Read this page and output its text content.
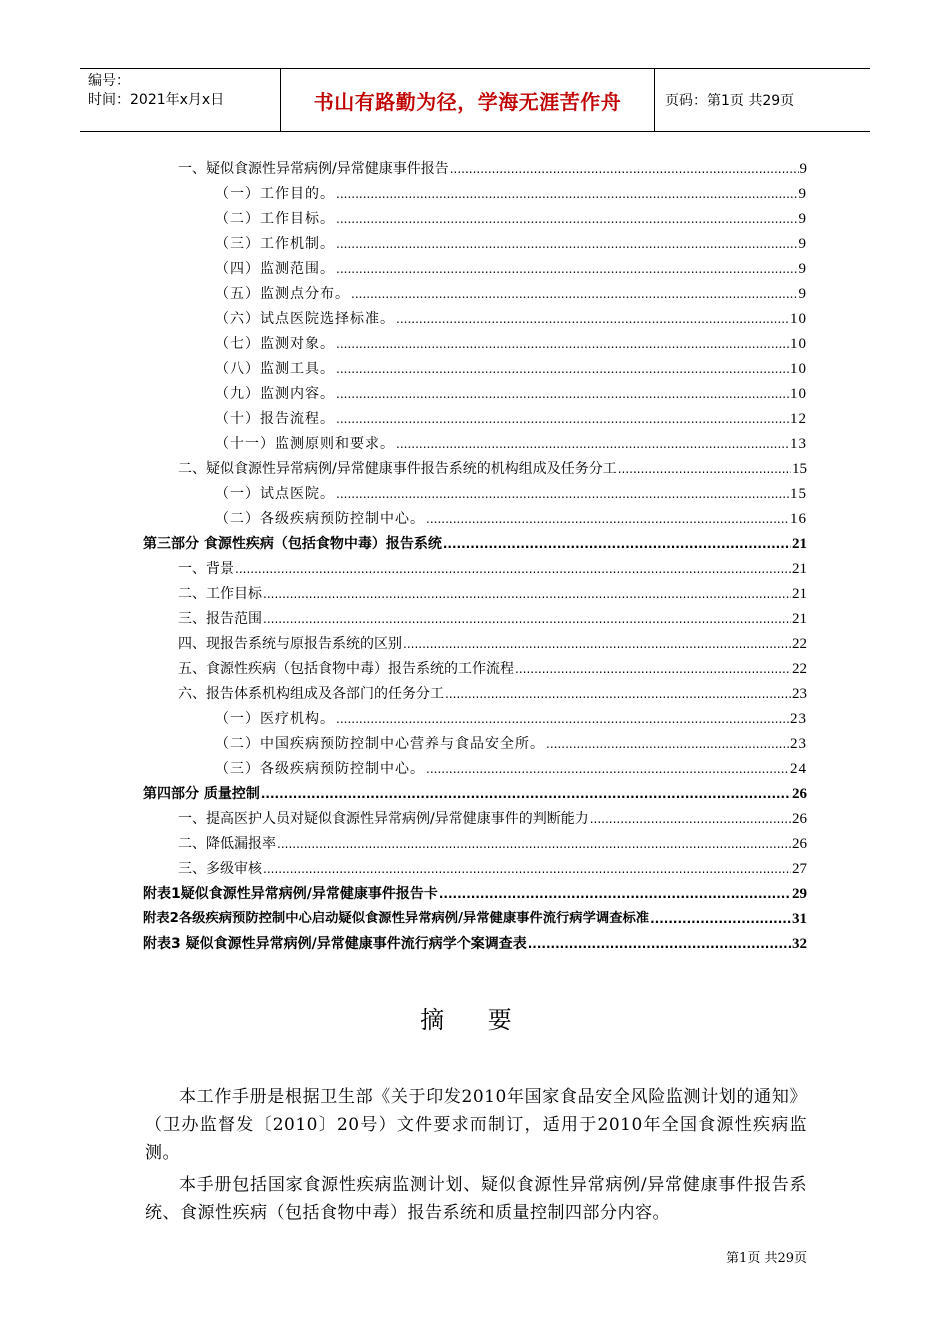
编号：
时间：2021年x月x日	书山有路勤为径，学海无涯苦作舟	页码：第1页 共29页
一、疑似食源性异常病例/异常健康事件报告 .....	9
（一）工作目的。 .....	9
（二）工作目标。 .....	9
（三）工作机制。 .....	9
（四）监测范围。 .....	9
（五）监测点分布。 .....	9
（六）试点医院选择标准。 .....	10
（七）监测对象。 .....	10
（八）监测工具。 .....	10
（九）监测内容。 .....	10
（十）报告流程。 .....	12
（十一）监测原则和要求。 .....	13
二、疑似食源性异常病例/异常健康事件报告系统的机构组成及任务分工 .....	15
（一）试点医院。 .....	15
（二）各级疾病预防控制中心。 .....	16
第三部分 食源性疾病（包括食物中毒）报告系统 .....	21
一、背景 .....	21
二、工作目标 .....	21
三、报告范围 .....	21
四、现报告系统与原报告系统的区别 .....	22
五、食源性疾病（包括食物中毒）报告系统的工作流程 .....	22
六、报告体系机构组成及各部门的任务分工 .....	23
（一）医疗机构。 .....	23
（二）中国疾病预防控制中心营养与食品安全所。 .....	23
（三）各级疾病预防控制中心。 .....	24
第四部分 质量控制 .....	26
一、提高医护人员对疑似食源性异常病例/异常健康事件的判断能力 .....	26
二、降低漏报率 .....	26
三、多级审核 .....	27
附表1疑似食源性异常病例/异常健康事件报告卡 .....	29
附表2各级疾病预防控制中心启动疑似食源性异常病例/异常健康事件流行病学调查标准 .....	31
附表3 疑似食源性异常病例/异常健康事件流行病学个案调查表 .....	32
摘 要
本工作手册是根据卫生部《关于印发2010年国家食品安全风险监测计划的通知》（卫办监督发〔2010〕20号）文件要求而制订，适用于2010年全国食源性疾病监测。
本手册包括国家食源性疾病监测计划、疑似食源性异常病例/异常健康事件报告系统、食源性疾病（包括食物中毒）报告系统和质量控制四部分内容。
第1页 共29页
